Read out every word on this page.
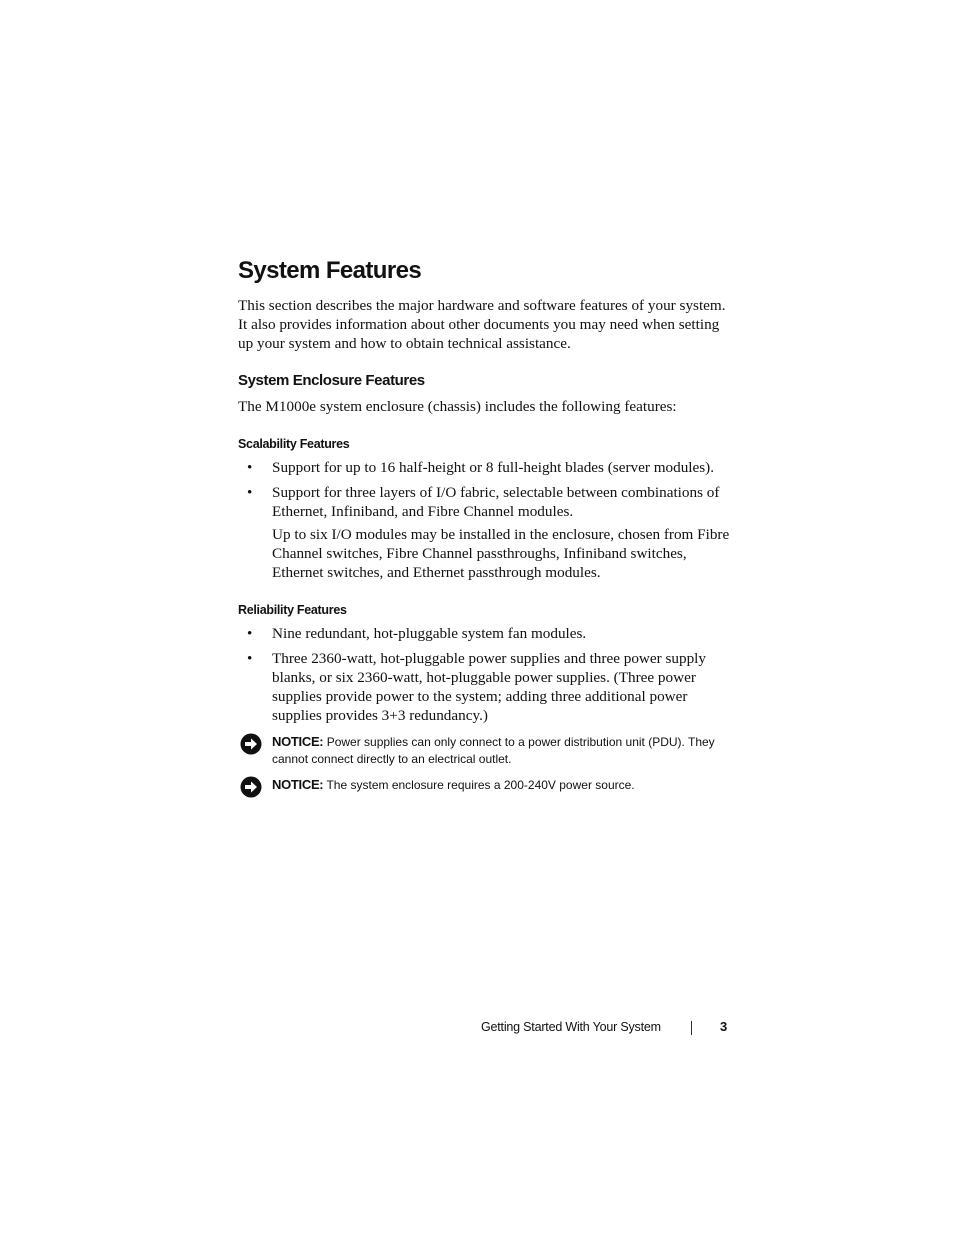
System Features

This section describes the major hardware and software features of your system. It also provides information about other documents you may need when setting up your system and how to obtain technical assistance.

System Enclosure Features

The M1000e system enclosure (chassis) includes the following features:

Scalability Features
• Support for up to 16 half-height or 8 full-height blades (server modules).
• Support for three layers of I/O fabric, selectable between combinations of Ethernet, Infiniband, and Fibre Channel modules.

Up to six I/O modules may be installed in the enclosure, chosen from Fibre Channel switches, Fibre Channel passthroughs, Infiniband switches, Ethernet switches, and Ethernet passthrough modules.

Reliability Features
• Nine redundant, hot-pluggable system fan modules.
• Three 2360-watt, hot-pluggable power supplies and three power supply blanks, or six 2360-watt, hot-pluggable power supplies. (Three power supplies provide power to the system; adding three additional power supplies provides 3+3 redundancy.)
NOTICE: Power supplies can only connect to a power distribution unit (PDU). They cannot connect directly to an electrical outlet.
NOTICE: The system enclosure requires a 200-240V power source.
Getting Started With Your System	3
